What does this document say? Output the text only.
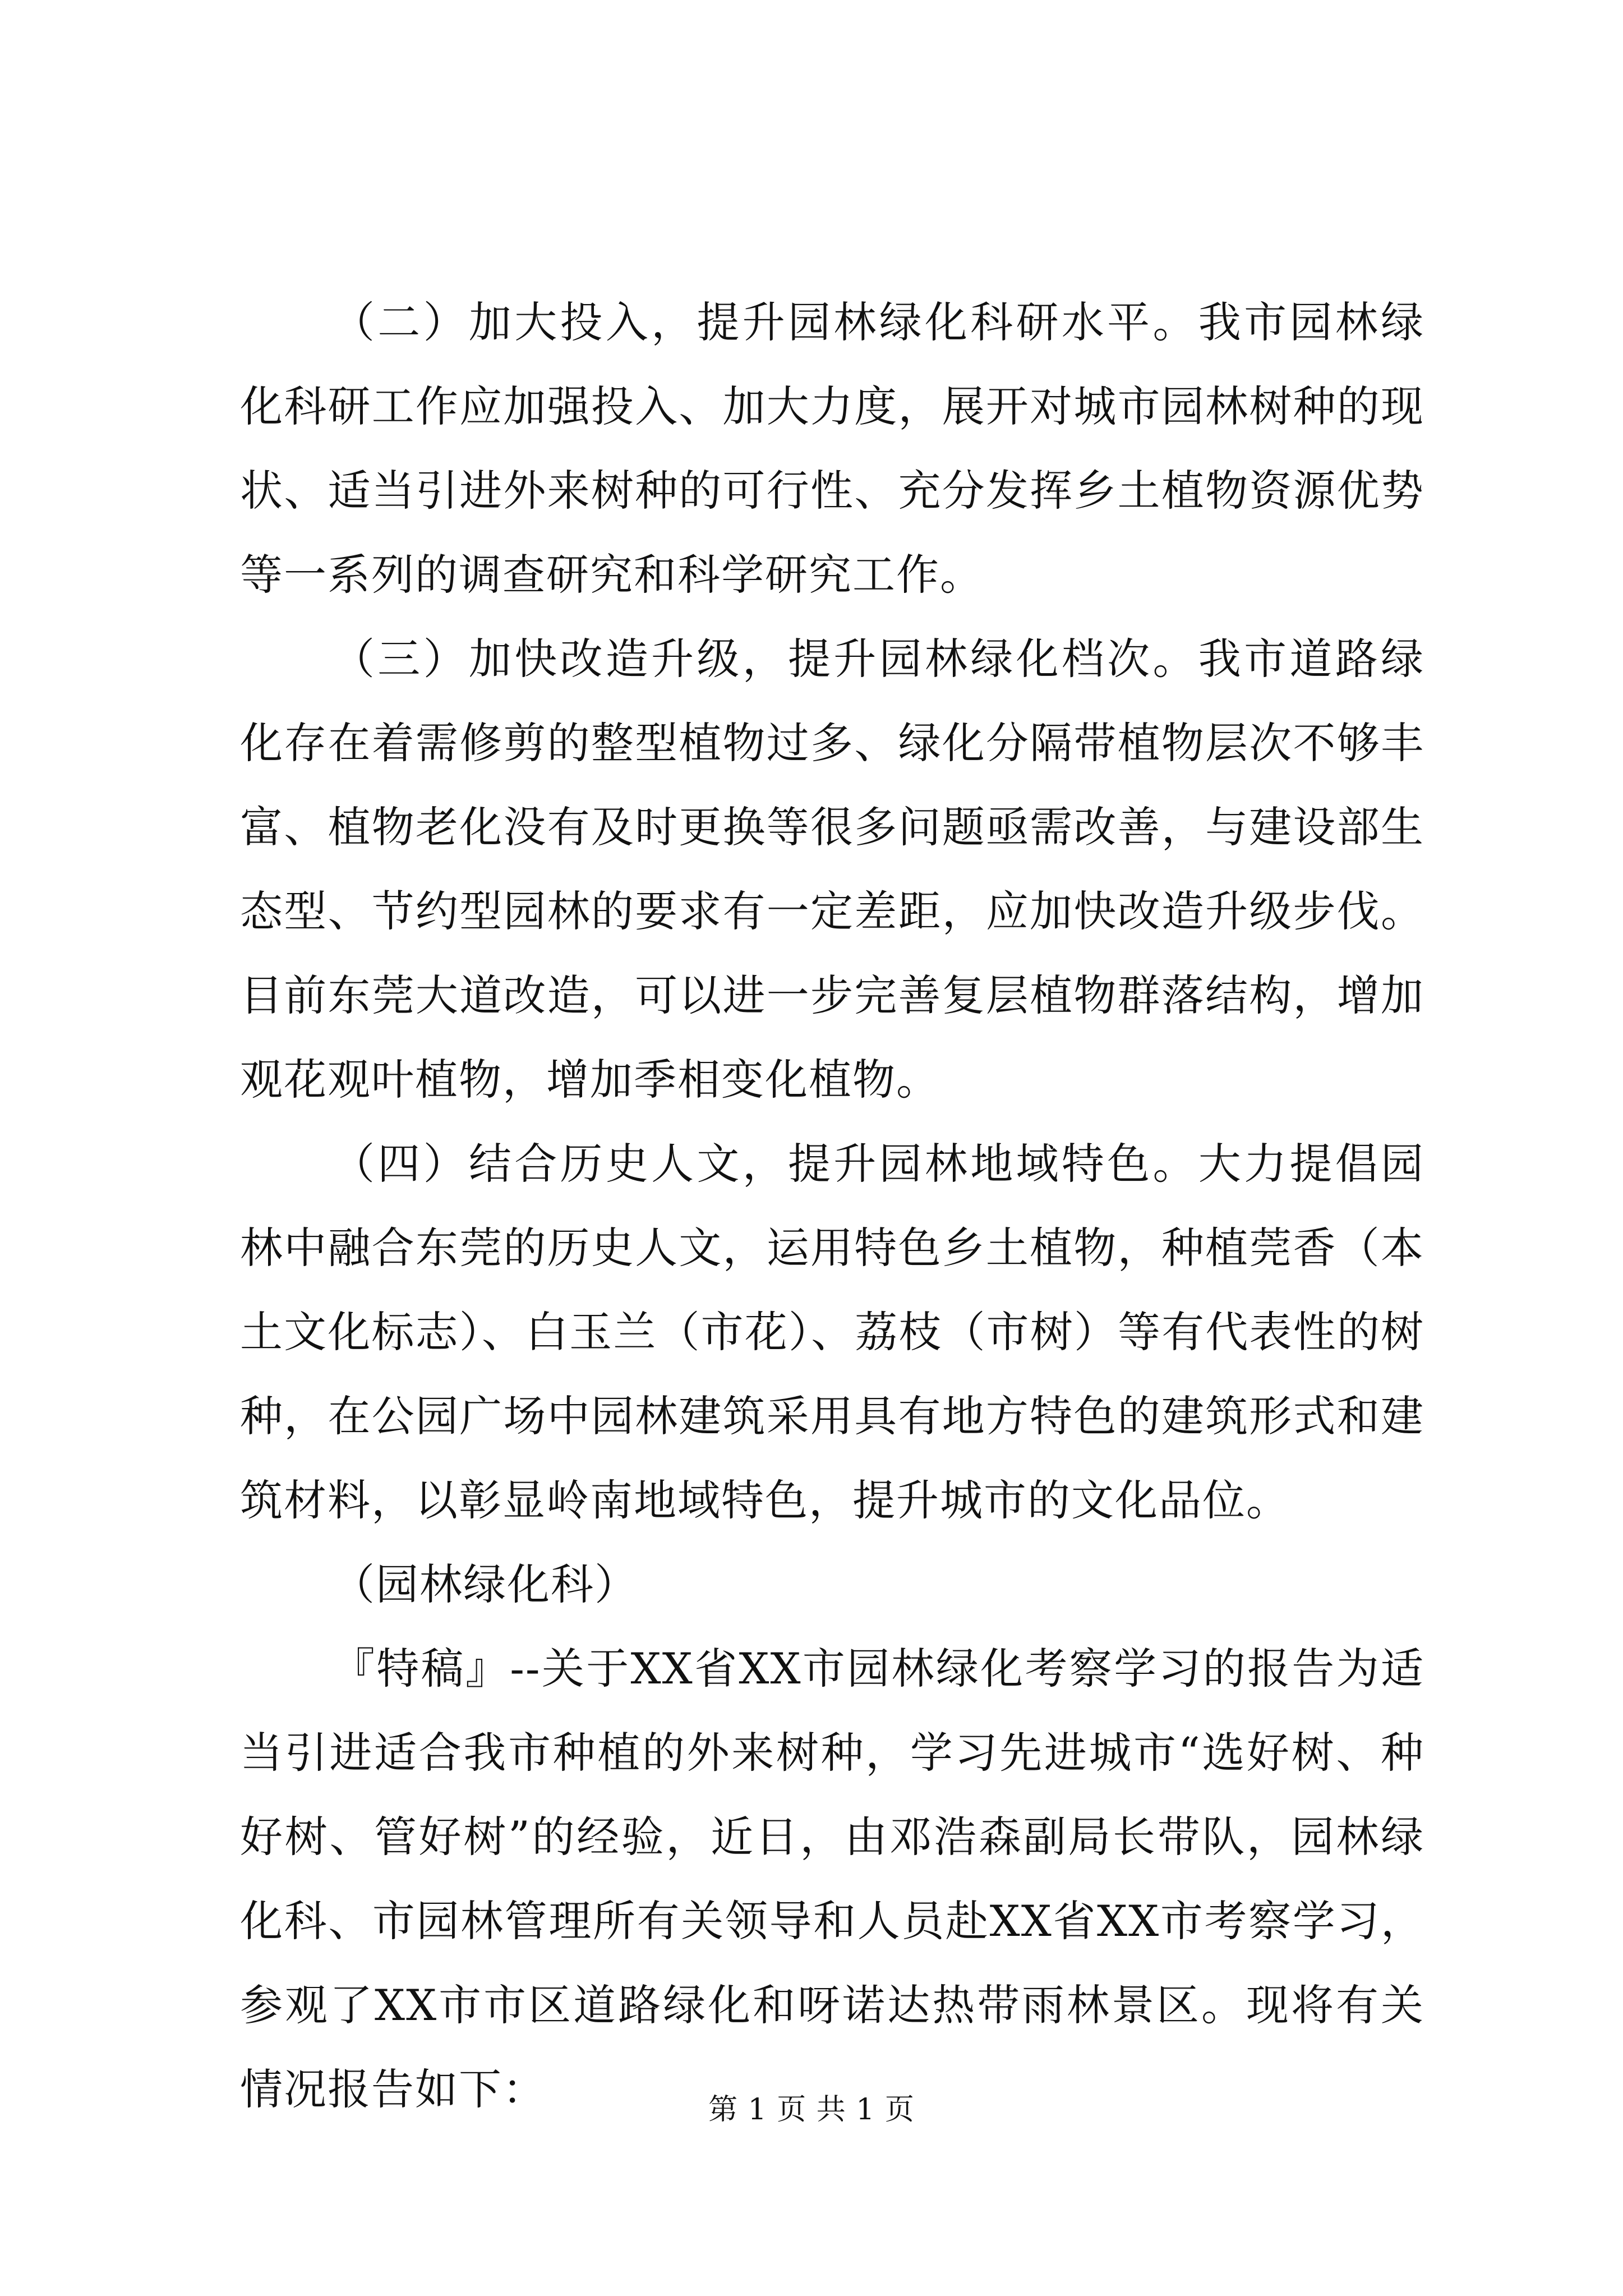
（二）加大投入，提升园林绿化科研水平。我市园林绿化科研工作应加强投入、加大力度，展开对城市园林树种的现状、适当引进外来树种的可行性、充分发挥乡土植物资源优势等一系列的调查研究和科学研究工作。

（三）加快改造升级，提升园林绿化档次。我市道路绿化存在着需修剪的整型植物过多、绿化分隔带植物层次不够丰富、植物老化没有及时更换等很多问题亟需改善，与建设部生态型、节约型园林的要求有一定差距，应加快改造升级步伐。目前东莞大道改造，可以进一步完善复层植物群落结构，增加观花观叶植物，增加季相变化植物。

（四）结合历史人文，提升园林地域特色。大力提倡园林中融合东莞的历史人文，运用特色乡土植物，种植莞香（本土文化标志）、白玉兰（市花）、荔枝（市树）等有代表性的树种，在公园广场中园林建筑采用具有地方特色的建筑形式和建筑材料，以彰显岭南地域特色，提升城市的文化品位。

（园林绿化科）

『特稿』--关于XX省XX市园林绿化考察学习的报告为适当引进适合我市种植的外来树种，学习先进城市“选好树、种好树、管好树”的经验，近日，由邓浩森副局长带队，园林绿化科、市园林管理所有关领导和人员赴XX省XX市考察学习，参观了XX市市区道路绿化和呀诺达热带雨林景区。现将有关情况报告如下：	第 1 页 共 1 页
